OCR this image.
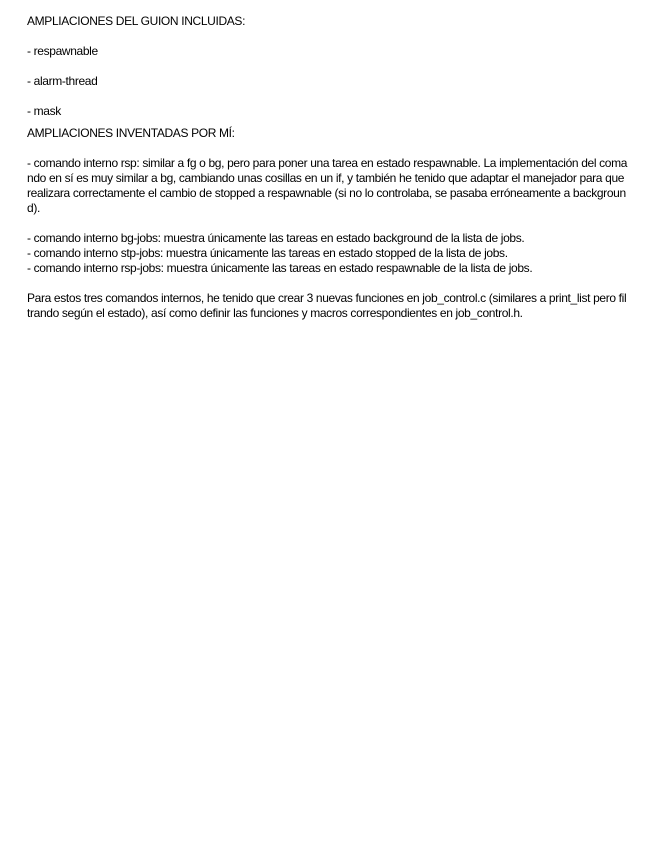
AMPLIACIONES DEL GUION INCLUIDAS:

- respawnable

- alarm-thread

- mask

AMPLIACIONES INVENTADAS POR MÍ:

- comando interno rsp: similar a fg o bg, pero para poner una tarea en estado respawnable. La implementación del comando en sí es muy similar a bg, cambiando unas cosillas en un if, y también he tenido que adaptar el manejador para que realizara correctamente el cambio de stopped a respawnable (si no lo controlaba, se pasaba erróneamente a background).

- comando interno bg-jobs: muestra únicamente las tareas en estado background de la lista de jobs.

- comando interno stp-jobs: muestra únicamente las tareas en estado stopped de la lista de jobs.

- comando interno rsp-jobs: muestra únicamente las tareas en estado respawnable de la lista de jobs.

Para estos tres comandos internos, he tenido que crear 3 nuevas funciones en job_control.c (similares a print_list pero filtrando según el estado), así como definir las funciones y macros correspondientes en job_control.h.
